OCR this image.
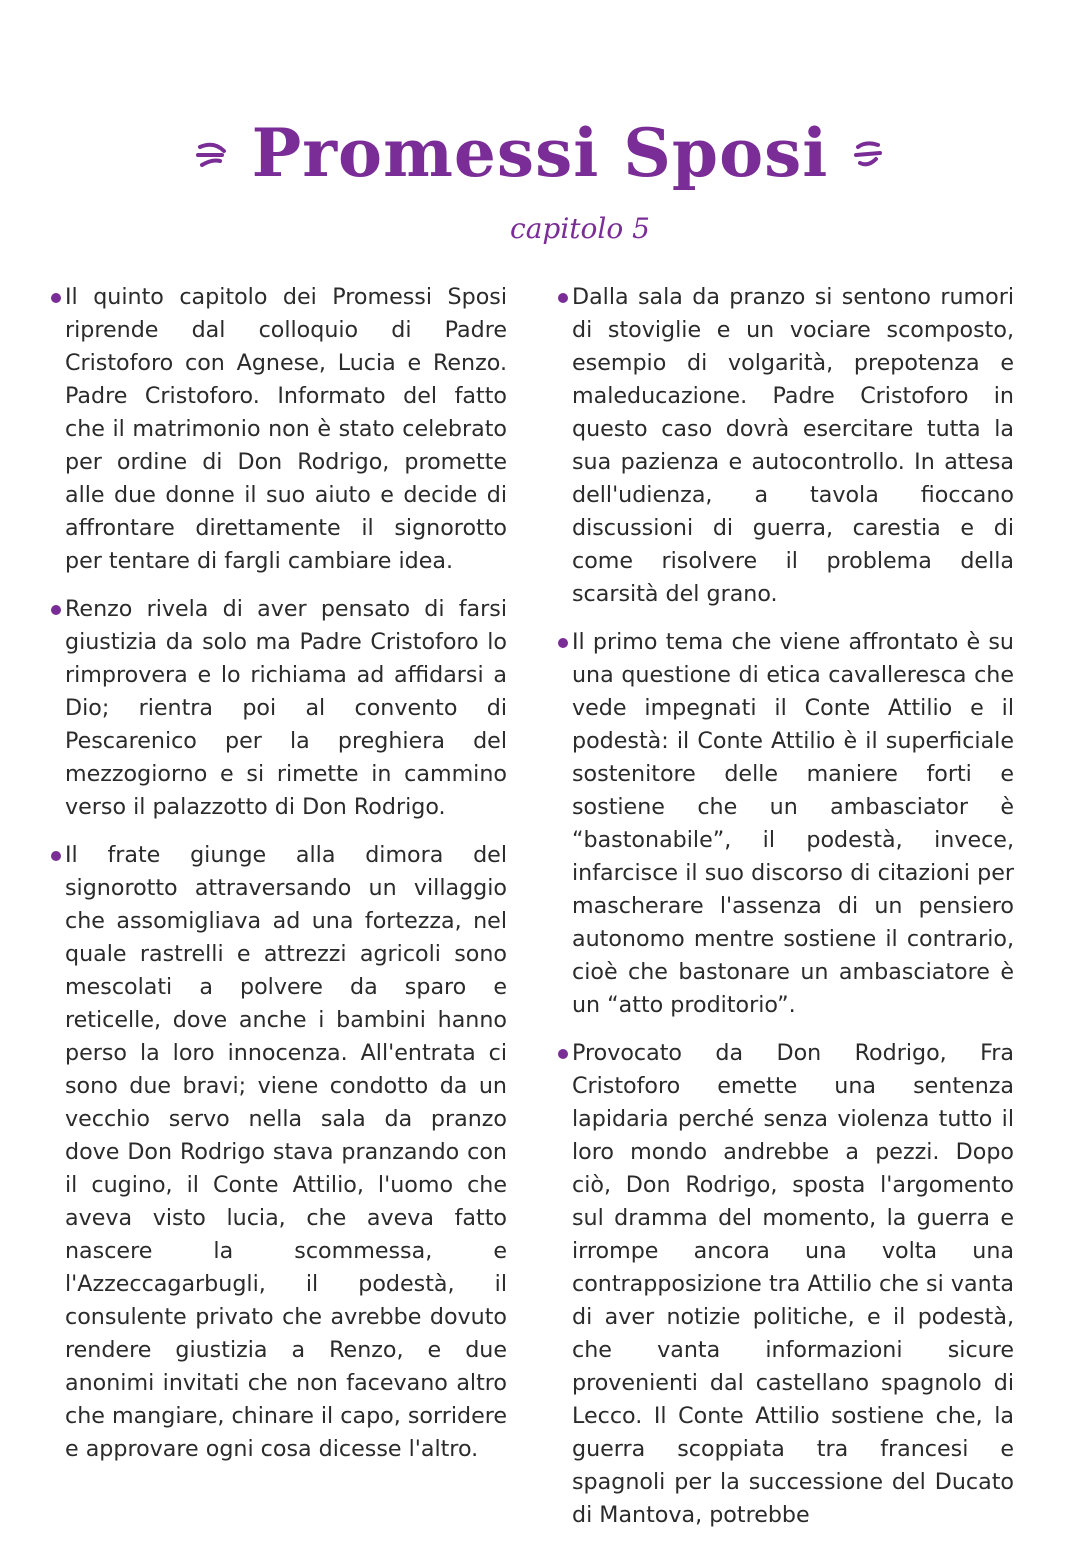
Promessi Sposi
capitolo 5

Il quinto capitolo dei Promessi Sposi riprende dal colloquio di Padre Cristoforo con Agnese, Lucia e Renzo. Padre Cristoforo. Informato del fatto che il matrimonio non è stato celebrato per ordine di Don Rodrigo, promette alle due donne il suo aiuto e decide di affrontare direttamente il signorotto per tentare di fargli cambiare idea.

Renzo rivela di aver pensato di farsi giustizia da solo ma Padre Cristoforo lo rimprovera e lo richiama ad affidarsi a Dio; rientra poi al convento di Pescarenico per la preghiera del mezzogiorno e si rimette in cammino verso il palazzotto di Don Rodrigo.

Il frate giunge alla dimora del signorotto attraversando un villaggio che assomigliava ad una fortezza, nel quale rastrelli e attrezzi agricoli sono mescolati a polvere da sparo e reticelle, dove anche i bambini hanno perso la loro innocenza. All'entrata ci sono due bravi; viene condotto da un vecchio servo nella sala da pranzo dove Don Rodrigo stava pranzando con il cugino, il Conte Attilio, l'uomo che aveva visto lucia, che aveva fatto nascere la scommessa, e l'Azzeccagarbugli, il podestà, il consulente privato che avrebbe dovuto rendere giustizia a Renzo, e due anonimi invitati che non facevano altro che mangiare, chinare il capo, sorridere e approvare ogni cosa dicesse l'altro.

Dalla sala da pranzo si sentono rumori di stoviglie e un vociare scomposto, esempio di volgarità, prepotenza e maleducazione. Padre Cristoforo in questo caso dovrà esercitare tutta la sua pazienza e autocontrollo. In attesa dell'udienza, a tavola fioccano discussioni di guerra, carestia e di come risolvere il problema della scarsità del grano.

Il primo tema che viene affrontato è su una questione di etica cavalleresca che vede impegnati il Conte Attilio e il podestà: il Conte Attilio è il superficiale sostenitore delle maniere forti e sostiene che un ambasciator è “bastonabile”, il podestà, invece, infarcisce il suo discorso di citazioni per mascherare l'assenza di un pensiero autonomo mentre sostiene il contrario, cioè che bastonare un ambasciatore è un “atto proditorio”.

Provocato da Don Rodrigo, Fra Cristoforo emette una sentenza lapidaria perché senza violenza tutto il loro mondo andrebbe a pezzi. Dopo ciò, Don Rodrigo, sposta l'argomento sul dramma del momento, la guerra e irrompe ancora una volta una contrapposizione tra Attilio che si vanta di aver notizie politiche, e il podestà, che vanta informazioni sicure provenienti dal castellano spagnolo di Lecco. Il Conte Attilio sostiene che, la guerra scoppiata tra francesi e spagnoli per la successione del Ducato di Mantova, potrebbe
